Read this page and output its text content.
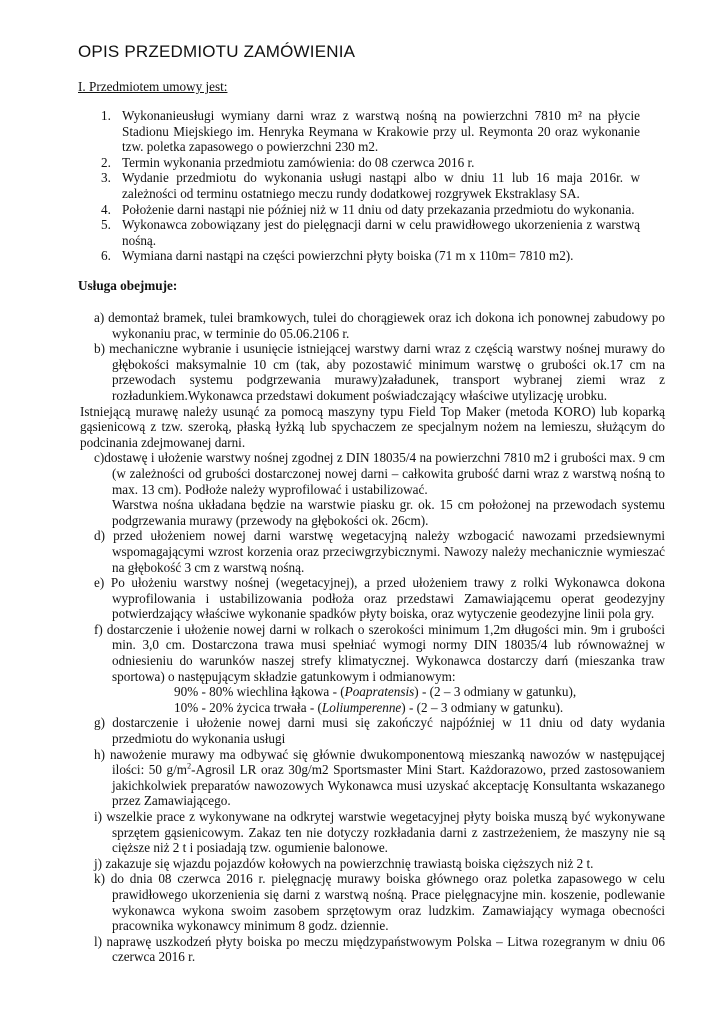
OPIS PRZEDMIOTU ZAMÓWIENIA
I. Przedmiotem umowy jest:
1. Wykonanieusługi wymiany darni wraz z warstwą nośną na powierzchni 7810 m² na płycie Stadionu Miejskiego im. Henryka Reymana w Krakowie przy ul. Reymonta 20 oraz wykonanie tzw. poletka zapasowego o powierzchni 230 m2.
2. Termin wykonania przedmiotu zamówienia: do 08 czerwca 2016 r.
3. Wydanie przedmiotu do wykonania usługi nastąpi albo w dniu 11 lub 16 maja 2016r. w zależności od terminu ostatniego meczu rundy dodatkowej rozgrywek Ekstraklasy SA.
4. Położenie darni nastąpi nie później niż w 11 dniu od daty przekazania przedmiotu do wykonania.
5. Wykonawca zobowiązany jest do pielęgnacji darni w celu prawidłowego ukorzenienia z warstwą nośną.
6. Wymiana darni nastąpi na części powierzchni płyty boiska (71 m x 110m= 7810 m2).
Usługa obejmuje:
a) demontaż bramek, tulei bramkowych, tulei do chorągiewek oraz ich dokona ich ponownej zabudowy po wykonaniu prac, w terminie do 05.06.2106 r.
b) mechaniczne wybranie i usunięcie istniejącej warstwy darni wraz z częścią warstwy nośnej murawy do głębokości maksymalnie 10 cm (tak, aby pozostawić minimum warstwę o grubości ok.17 cm na przewodach systemu podgrzewania murawy)załadunek, transport wybranej ziemi wraz z rozładunkiem.Wykonawca przedstawi dokument poświadczający właściwe utylizację urobku.
Istniejącą murawę należy usunąć za pomocą maszyny typu Field Top Maker (metoda KORO) lub koparką gąsienicową z tzw. szeroką, płaską łyżką lub spychaczem ze specjalnym nożem na lemieszu, służącym do podcinania zdejmowanej darni.
c)dostawę i ułożenie warstwy nośnej zgodnej z DIN 18035/4 na powierzchni 7810 m2 i grubości max. 9 cm (w zależności od grubości dostarczonej nowej darni – całkowita grubość darni wraz z warstwą nośną to max. 13 cm). Podłoże należy wyprofilować i ustabilizować.
Warstwa nośna układana będzie na warstwie piasku gr. ok. 15 cm położonej na przewodach systemu podgrzewania murawy (przewody na głębokości ok. 26cm).
d) przed ułożeniem nowej darni warstwę wegetacyjną należy wzbogacić nawozami przedsiewnymi wspomagającymi wzrost korzenia oraz przeciwgrzybicznymi. Nawozy należy mechanicznie wymieszać na głębokość 3 cm z warstwą nośną.
e) Po ułożeniu warstwy nośnej (wegetacyjnej), a przed ułożeniem trawy z rolki Wykonawca dokona wyprofilowania i ustabilizowania podłoża oraz przedstawi Zamawiającemu operat geodezyjny potwierdzający właściwe wykonanie spadków płyty boiska, oraz wytyczenie geodezyjne linii pola gry.
f) dostarczenie i ułożenie nowej darni w rolkach o szerokości minimum 1,2m długości min. 9m i grubości min. 3,0 cm. Dostarczona trawa musi spełniać wymogi normy DIN 18035/4 lub równoważnej w odniesieniu do warunków naszej strefy klimatycznej. Wykonawca dostarczy darń (mieszanka traw sportowa) o następującym składzie gatunkowym i odmianowym:
90% - 80% wiechlina łąkowa - (Poapratensis) - (2 – 3 odmiany w gatunku),
10% - 20% życica trwała - (Loliumperenne) - (2 – 3 odmiany w gatunku).
g) dostarczenie i ułożenie nowej darni musi się zakończyć najpóźniej w 11 dniu od daty wydania przedmiotu do wykonania usługi
h) nawożenie murawy ma odbywać się głównie dwukomponentową mieszanką nawozów w następującej ilości: 50 $g/m^2$-Agrosil LR oraz 30g/m2 Sportsmaster Mini Start. Każdorazowo, przed zastosowaniem jakichkolwiek preparatów nawozowych Wykonawca musi uzyskać akceptację Konsultanta wskazanego przez Zamawiającego.
i) wszelkie prace z wykonywane na odkrytej warstwie wegetacyjnej płyty boiska muszą być wykonywane sprzętem gąsienicowym. Zakaz ten nie dotyczy rozkładania darni z zastrzeżeniem, że maszyny nie są cięższe niż 2 t i posiadają tzw. ogumienie balonowe.
j) zakazuje się wjazdu pojazdów kołowych na powierzchnię trawiastą boiska cięższych niż 2 t.
k) do dnia 08 czerwca 2016 r. pielęgnację murawy boiska głównego oraz poletka zapasowego w celu prawidłowego ukorzenienia się darni z warstwą nośną. Prace pielęgnacyjne min. koszenie, podlewanie wykonawca wykona swoim zasobem sprzętowym oraz ludzkim. Zamawiający wymaga obecności pracownika wykonawcy minimum 8 godz. dziennie.
l) naprawę uszkodzeń płyty boiska po meczu międzypaństwowym Polska – Litwa rozegranym w dniu 06 czerwca 2016 r.
